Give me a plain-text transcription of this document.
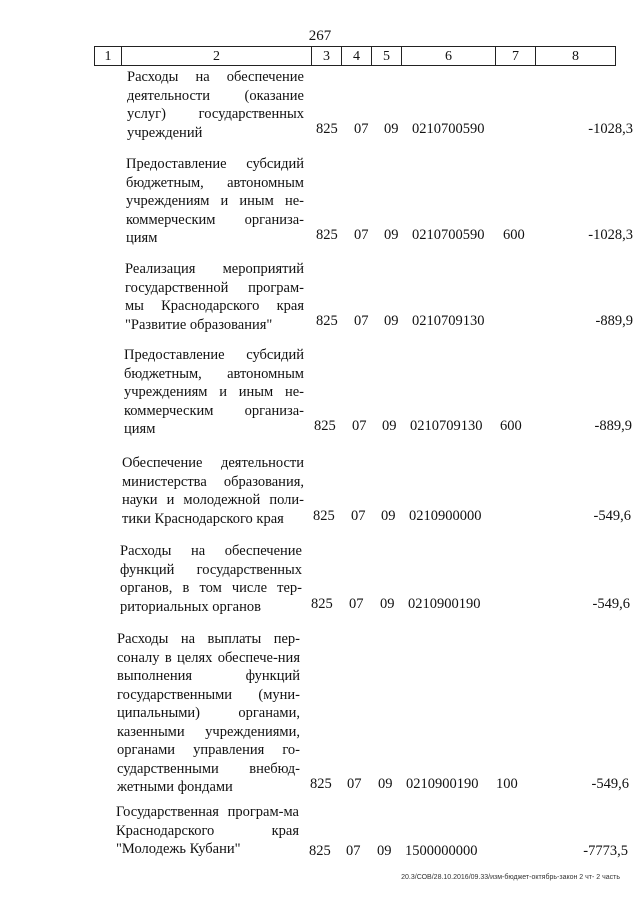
267
1	2	3	4	5	6	7	8
Расходы на обеспечение деятельности (оказание услуг) государственных учреждений	825 07 09 0210700590	-1028,3
Предоставление субсидий бюджетным, автономным учреждениям и иным не-коммерческим организа-циям	825 07 09 0210700590 600	-1028,3
Реализация мероприятий государственной програм-мы Краснодарского края "Развитие образования"	825 07 09 0210709130	-889,9
Предоставление субсидий бюджетным, автономным учреждениям и иным не-коммерческим организа-циям	825 07 09 0210709130 600	-889,9
Обеспечение деятельности министерства образования, науки и молодежной поли-тики Краснодарского края	825 07 09 0210900000	-549,6
Расходы на обеспечение функций государственных органов, в том числе тер-риториальных органов	825 07 09 0210900190	-549,6
Расходы на выплаты пер-соналу в целях обеспече-ния выполнения функций государственными (муни-ципальными) органами, казенными учреждениями, органами управления го-сударственными внебюд-жетными фондами	825 07 09 0210900190 100	-549,6
Государственная програм-ма Краснодарского края "Молодежь Кубани"	825 07 09 1500000000	-7773,5
20.3/СОВ/28.10.2016/09.33/изм-бюджет-октябрь-закон 2 чт- 2 часть
